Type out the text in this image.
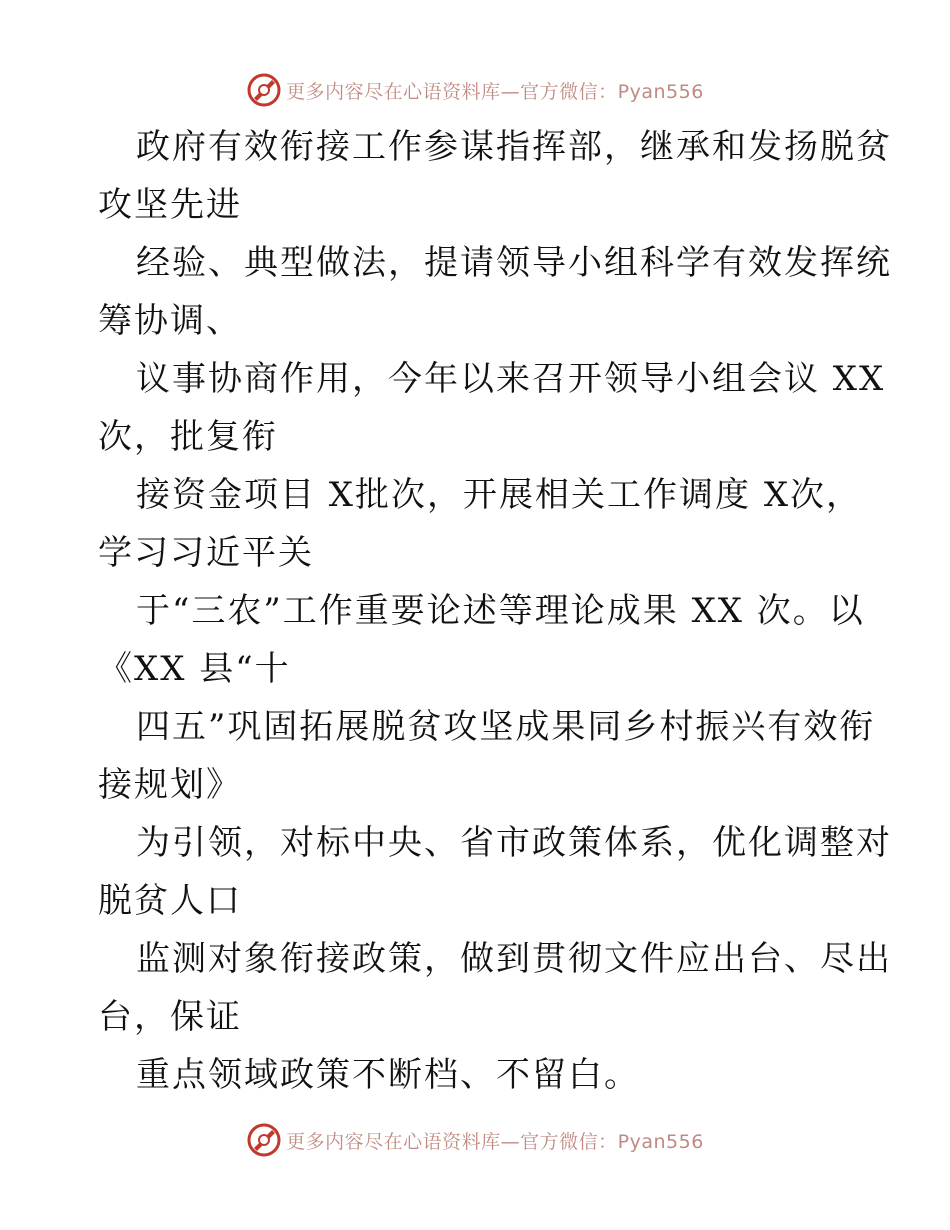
更多内容尽在心语资料库—官方微信：Pyan556
政府有效衔接工作参谋指挥部，继承和发扬脱贫
攻坚先进
经验、典型做法，提请领导小组科学有效发挥统
筹协调、
议事协商作用，今年以来召开领导小组会议 XX
次，批复衔
接资金项目 X批次，开展相关工作调度 X次，
学习习近平关
于“三农”工作重要论述等理论成果 XX 次。以
《XX 县“十
四五”巩固拓展脱贫攻坚成果同乡村振兴有效衔
接规划》
为引领，对标中央、省市政策体系，优化调整对
脱贫人口
监测对象衔接政策，做到贯彻文件应出台、尽出
台，保证
重点领域政策不断档、不留白。
更多内容尽在心语资料库—官方微信：Pyan556
